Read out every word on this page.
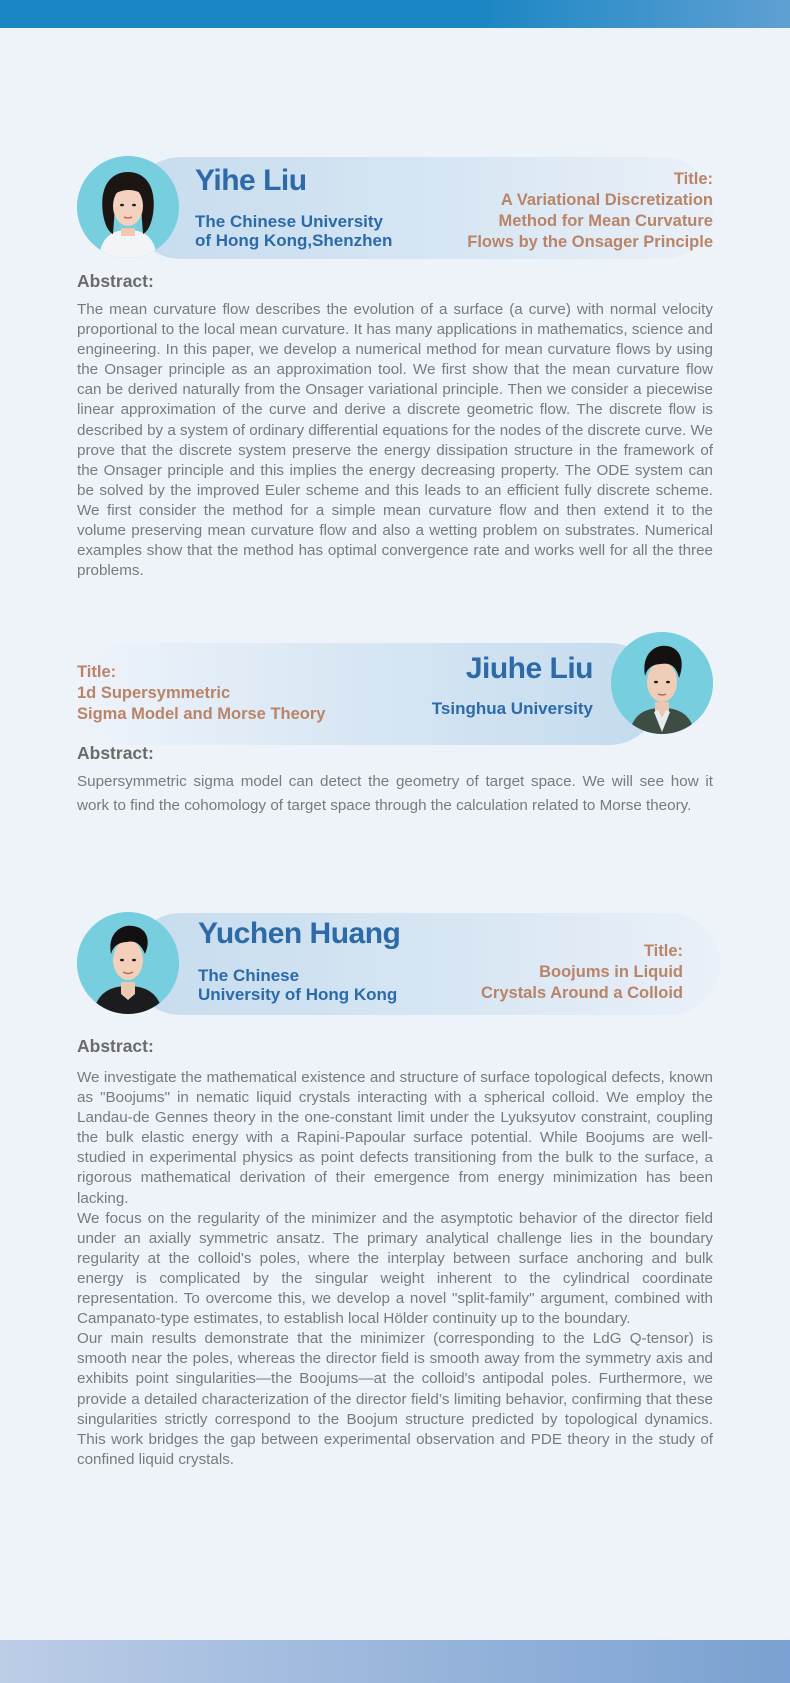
Yihe Liu
The Chinese University
of Hong Kong,Shenzhen
Title:
A Variational Discretization
Method for Mean Curvature
Flows by the Onsager Principle
Abstract:

The mean curvature flow describes the evolution of a surface (a curve) with normal velocity proportional to the local mean curvature. It has many applications in mathematics, science and engineering. In this paper, we develop a numerical method for mean curvature flows by using the Onsager principle as an approximation tool. We first show that the mean curvature flow can be derived naturally from the Onsager variational principle. Then we consider a piecewise linear approximation of the curve and derive a discrete geometric flow. The discrete flow is described by a system of ordinary differential equations for the nodes of the discrete curve. We prove that the discrete system preserve the energy dissipation structure in the framework of the Onsager principle and this implies the energy decreasing property. The ODE system can be solved by the improved Euler scheme and this leads to an efficient fully discrete scheme. We first consider the method for a simple mean curvature flow and then extend it to the volume preserving mean curvature flow and also a wetting problem on substrates. Numerical examples show that the method has optimal convergence rate and works well for all the three problems.

Title:
1d Supersymmetric
Sigma Model and Morse Theory
Jiuhe Liu
Tsinghua University
Abstract:

Supersymmetric sigma model can detect the geometry of target space. We will see how it work to find the cohomology of target space through the calculation related to Morse theory.

Yuchen Huang
The Chinese
University of Hong Kong
Title:
Boojums in Liquid
Crystals Around a Colloid
Abstract:

We investigate the mathematical existence and structure of surface topological defects, known as "Boojums" in nematic liquid crystals interacting with a spherical colloid. We employ the Landau-de Gennes theory in the one-constant limit under the Lyuksyutov constraint, coupling the bulk elastic energy with a Rapini-Papoular surface potential. While Boojums are well-studied in experimental physics as point defects transitioning from the bulk to the surface, a rigorous mathematical derivation of their emergence from energy minimization has been lacking.

We focus on the regularity of the minimizer and the asymptotic behavior of the director field under an axially symmetric ansatz. The primary analytical challenge lies in the boundary regularity at the colloid's poles, where the interplay between surface anchoring and bulk energy is complicated by the singular weight inherent to the cylindrical coordinate representation. To overcome this, we develop a novel "split-family" argument, combined with Campanato-type estimates, to establish local Hölder continuity up to the boundary.

Our main results demonstrate that the minimizer (corresponding to the LdG Q-tensor) is smooth near the poles, whereas the director field is smooth away from the symmetry axis and exhibits point singularities—the Boojums—at the colloid's antipodal poles. Furthermore, we provide a detailed characterization of the director field’s limiting behavior, confirming that these singularities strictly correspond to the Boojum structure predicted by topological dynamics. This work bridges the gap between experimental observation and PDE theory in the study of confined liquid crystals.
